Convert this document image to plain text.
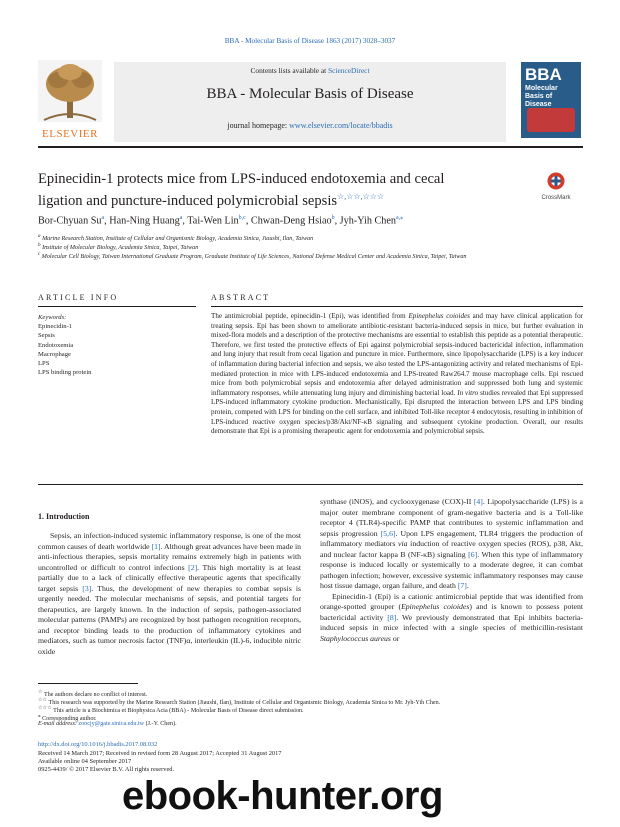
BBA - Molecular Basis of Disease 1863 (2017) 3028–3037
ELSEVIER
Contents lists available at ScienceDirect
BBA - Molecular Basis of Disease
journal homepage: www.elsevier.com/locate/bbadis
BBA
Molecular Basis of Disease
Epinecidin-1 protects mice from LPS-induced endotoxemia and cecal
ligation and puncture-induced polymicrobial sepsis☆,☆☆,☆☆☆	CrossMark
Bor-Chyuan Su$^a$, Han-Ning Huang$^a$, Tai-Wen Lin$^{b,c}$, Chwan-Deng Hsiao$^b$, Jyh-Yih Chen$^{a,⁎}$
$^a$ Marine Research Station, Institute of Cellular and Organismic Biology, Academia Sinica, Jiaushi, Ilan, Taiwan
$^b$ Institute of Molecular Biology, Academia Sinica, Taipei, Taiwan
$^c$ Molecular Cell Biology, Taiwan International Graduate Program, Graduate Institute of Life Sciences, National Defense Medical Center and Academia Sinica, Taipei, Taiwan
ARTICLE INFO	ABSTRACT
Keywords:
Epinecidin-1
Sepsis
Endotoxemia
Macrophage
LPS
LPS binding protein
The antimicrobial peptide, epinecidin-1 (Epi), was identified from Epinephelus coioides and may have clinical application for treating sepsis. Epi has been shown to ameliorate antibiotic-resistant bacteria-induced sepsis in mice, but further evaluation in mixed-flora models and a description of the protective mechanisms are essential to establish this peptide as a potential therapeutic. Therefore, we first tested the protective effects of Epi against polymicrobial sepsis-induced bactericidal infection, inflammation and lung injury that result from cecal ligation and puncture in mice. Furthermore, since lipopolysaccharide (LPS) is a key inducer of inflammation during bacterial infection and sepsis, we also tested the LPS-antagonizing activity and related mechanisms of Epi-mediated protection in mice with LPS-induced endotoxemia and LPS-treated Raw264.7 mouse macrophage cells. Epi rescued mice from both polymicrobial sepsis and endotoxemia after delayed administration and suppressed both lung and systemic inflammatory responses, while attenuating lung injury and diminishing bacterial load. In vitro studies revealed that Epi suppressed LPS-induced inflammatory cytokine production. Mechanistically, Epi disrupted the interaction between LPS and LPS binding protein, competed with LPS for binding on the cell surface, and inhibited Toll-like receptor 4 endocytosis, resulting in inhibition of LPS-induced reactive oxygen species/p38/Akt/NF-κB signaling and subsequent cytokine production. Overall, our results demonstrate that Epi is a promising therapeutic agent for endotoxemia and polymicrobial sepsis.
1. Introduction

Sepsis, an infection-induced systemic inflammatory response, is one of the most common causes of death worldwide [1]. Although great advances have been made in anti-infectious therapies, sepsis mortality remains extremely high in patients with uncontrolled or difficult to control infections [2]. This high mortality is at least partially due to a lack of clinically effective therapeutic agents that specifically target sepsis [3]. Thus, the development of new therapies to combat sepsis is urgently needed. The molecular mechanisms of sepsis, and potential targets for therapeutics, are largely known. In the induction of sepsis, pathogen-associated molecular patterns (PAMPs) are recognized by host pathogen recognition receptors, and receptor binding leads to the production of inflammatory cytokines and mediators, such as tumor necrosis factor (TNF)α, interleukin (IL)-6, inducible nitric oxide

synthase (iNOS), and cyclooxygenase (COX)-II [4]. Lipopolysaccharide (LPS) is a major outer membrane component of gram-negative bacteria and is a Toll-like receptor 4 (TLR4)-specific PAMP that contributes to systemic inflammation and sepsis progression [5,6]. Upon LPS engagement, TLR4 triggers the production of inflammatory mediators via induction of reactive oxygen species (ROS), p38, Akt, and nuclear factor kappa B (NF-κB) signaling [6]. When this type of inflammatory response is induced locally or systemically to a moderate degree, it can combat pathogen infection; however, excessive systemic inflammatory responses may cause host tissue damage, organ failure, and death [7].

Epinecidin-1 (Epi) is a cationic antimicrobial peptide that was identified from orange-spotted grouper (Epinephelus coioides) and is known to possess potent bactericidal activity [8]. We previously demonstrated that Epi inhibits bacteria-induced sepsis in mice infected with a single species of methicillin-resistant Staphylococcus aureus or

☆ The authors declare no conflict of interest.
☆☆ This research was supported by the Marine Research Station (Jiaushi, Ilan), Institute of Cellular and Organismic Biology, Academia Sinica to Mr. Jyh-Yih Chen.
☆☆☆ This article is a Biochimica et Biophysica Acta (BBA) - Molecular Basis of Disease direct submission.
⁎ Corresponding author.
E-mail address: zoocjy@gate.sinica.edu.tw (J.-Y. Chen).
http://dx.doi.org/10.1016/j.bbadis.2017.08.032
Received 14 March 2017; Received in revised form 28 August 2017; Accepted 31 August 2017
Available online 04 September 2017
0925-4439/ © 2017 Elsevier B.V. All rights reserved.
ebook-hunter.org
